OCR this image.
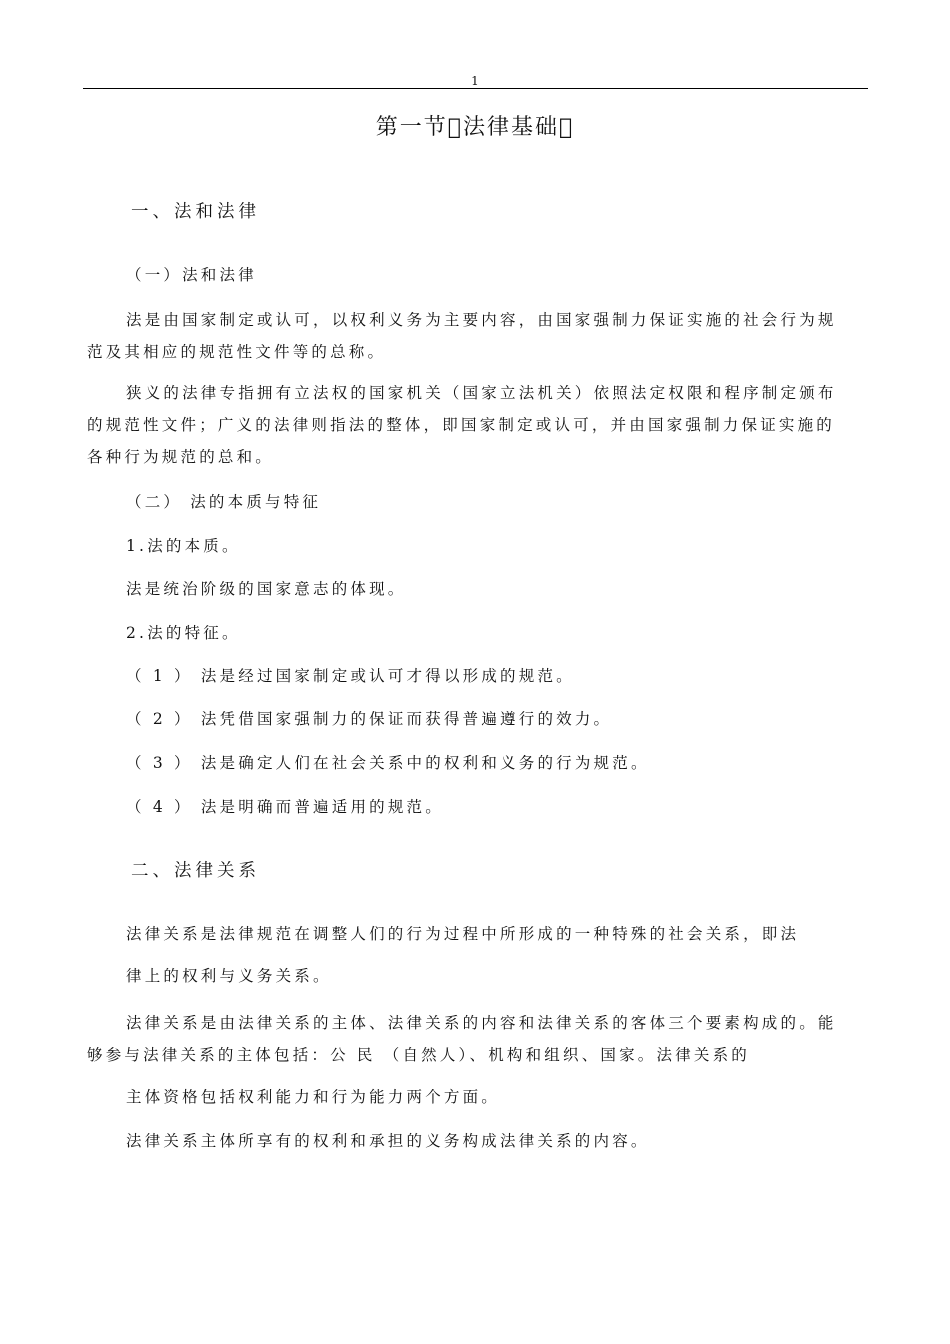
1
第一节 法律基础 
一、法和法律
（一）法和法律
法是由国家制定或认可，以权利义务为主要内容，由国家强制力保证实施的社会行为规
范及其相应的规范性文件等的总称。
狭义的法律专指拥有立法权的国家机关（国家立法机关）依照法定权限和程序制定颁布
的规范性文件；广义的法律则指法的整体，即国家制定或认可，并由国家强制力保证实施的
各种行为规范的总和。
（二） 法的本质与特征
1.法的本质。
法是统治阶级的国家意志的体现。
2.法的特征。
（ 1 ） 法是经过国家制定或认可才得以形成的规范。
（ 2 ） 法凭借国家强制力的保证而获得普遍遵行的效力。
（ 3 ） 法是确定人们在社会关系中的权利和义务的行为规范。
（ 4 ） 法是明确而普遍适用的规范。
二、法律关系
法律关系是法律规范在调整人们的行为过程中所形成的一种特殊的社会关系，即法
律上的权利与义务关系。
法律关系是由法律关系的主体、法律关系的内容和法律关系的客体三个要素构成的。能
够参与法律关系的主体包括：公 民 （自然人）、机构和组织、国家。法律关系的
主体资格包括权利能力和行为能力两个方面。
法律关系主体所享有的权利和承担的义务构成法律关系的内容。
